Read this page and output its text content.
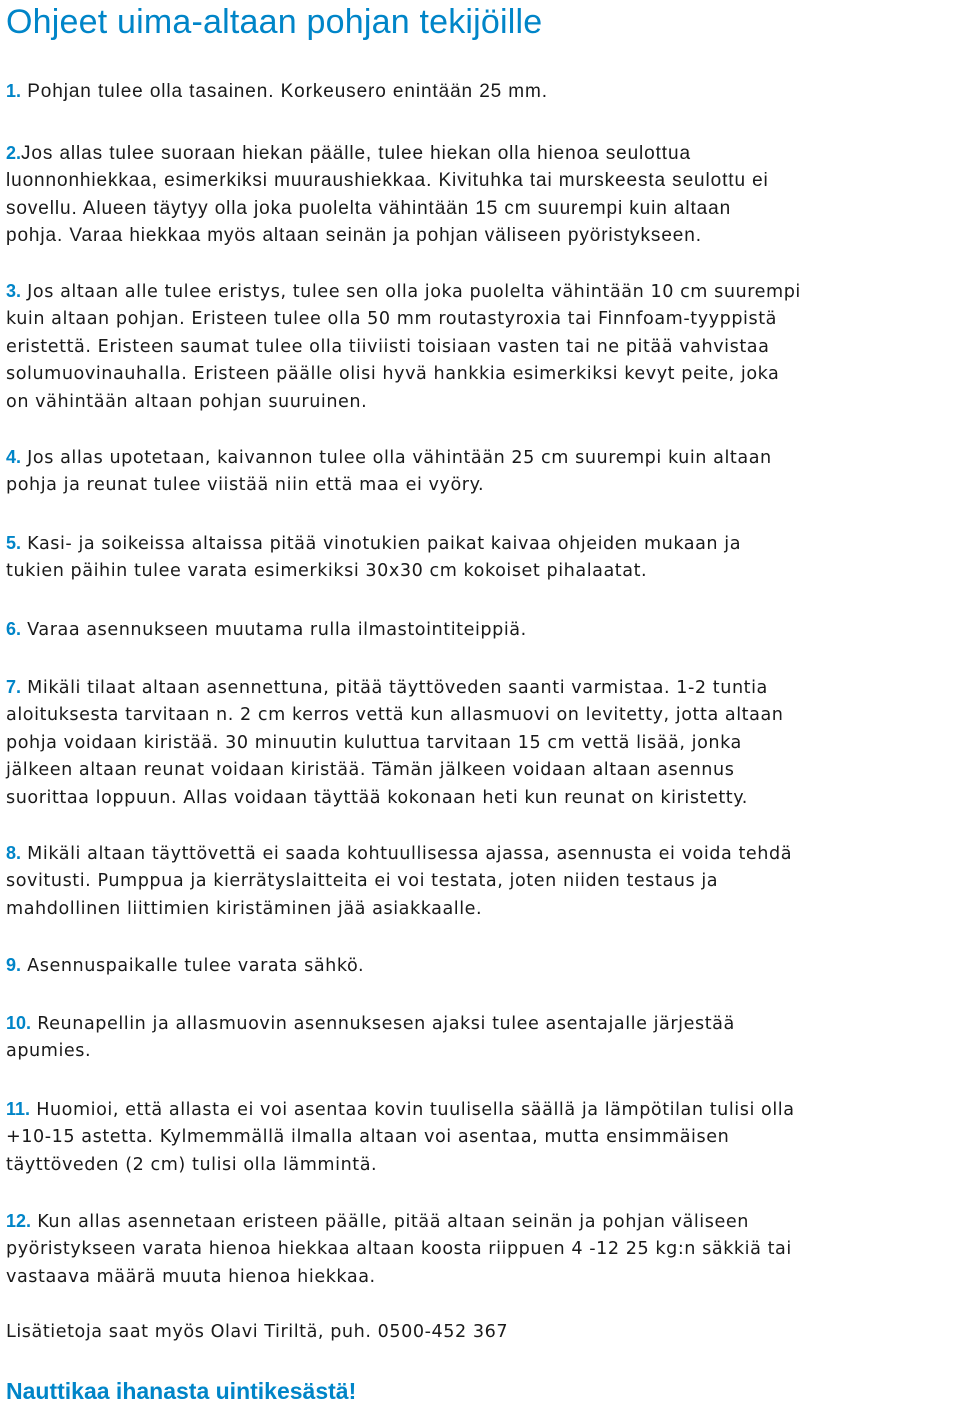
Ohjeet uima-altaan pohjan tekijöille
1. Pohjan tulee olla tasainen. Korkeusero enintään 25 mm.
2.Jos allas tulee suoraan hiekan päälle, tulee hiekan olla hienoa seulottua
luonnonhiekkaa, esimerkiksi muuraushiekkaa. Kivituhka tai murskeesta seulottu ei
sovellu. Alueen täytyy olla joka puolelta vähintään 15 cm suurempi kuin altaan
pohja. Varaa hiekkaa myös altaan seinän ja pohjan väliseen pyöristykseen.
3. Jos altaan alle tulee eristys, tulee sen olla joka puolelta vähintään 10 cm suurempi
kuin altaan pohjan. Eristeen tulee olla 50 mm routastyroxia tai Finnfoam-tyyppistä
eristettä. Eristeen saumat tulee olla tiiviisti toisiaan vasten tai ne pitää vahvistaa
solumuovinauhalla. Eristeen päälle olisi hyvä hankkia esimerkiksi kevyt peite, joka
on vähintään altaan pohjan suuruinen.
4. Jos allas upotetaan, kaivannon tulee olla vähintään 25 cm suurempi kuin altaan
pohja ja reunat tulee viistää niin että maa ei vyöry.
5. Kasi- ja soikeissa altaissa pitää vinotukien paikat kaivaa ohjeiden mukaan ja
tukien päihin tulee varata esimerkiksi 30x30 cm kokoiset pihalaatat.
6. Varaa asennukseen muutama rulla ilmastointiteippiä.
7. Mikäli tilaat altaan asennettuna, pitää täyttöveden saanti varmistaa. 1-2 tuntia
aloituksesta tarvitaan n. 2 cm kerros vettä kun allasmuovi on levitetty, jotta altaan
pohja voidaan kiristää. 30 minuutin kuluttua tarvitaan 15 cm vettä lisää, jonka
jälkeen altaan reunat voidaan kiristää. Tämän jälkeen voidaan altaan asennus
suorittaa loppuun. Allas voidaan täyttää kokonaan heti kun reunat on kiristetty.
8. Mikäli altaan täyttövettä ei saada kohtuullisessa ajassa, asennusta ei voida tehdä
sovitusti. Pumppua ja kierrätyslaitteita ei voi testata, joten niiden testaus ja
mahdollinen liittimien kiristäminen jää asiakkaalle.
9. Asennuspaikalle tulee varata sähkö.
10. Reunapellin ja allasmuovin asennuksesen ajaksi tulee asentajalle järjestää
apumies.
11. Huomioi, että allasta ei voi asentaa kovin tuulisella säällä ja lämpötilan tulisi olla
+10-15 astetta. Kylmemmällä ilmalla altaan voi asentaa, mutta ensimmäisen
täyttöveden (2 cm) tulisi olla lämmintä.
12. Kun allas asennetaan eristeen päälle, pitää altaan seinän ja pohjan väliseen
pyöristykseen varata hienoa hiekkaa altaan koosta riippuen 4 -12 25 kg:n säkkiä tai
vastaava määrä muuta hienoa hiekkaa.
Lisätietoja saat myös Olavi Tiriltä, puh. 0500-452 367
Nauttikaa ihanasta uintikesästä!
